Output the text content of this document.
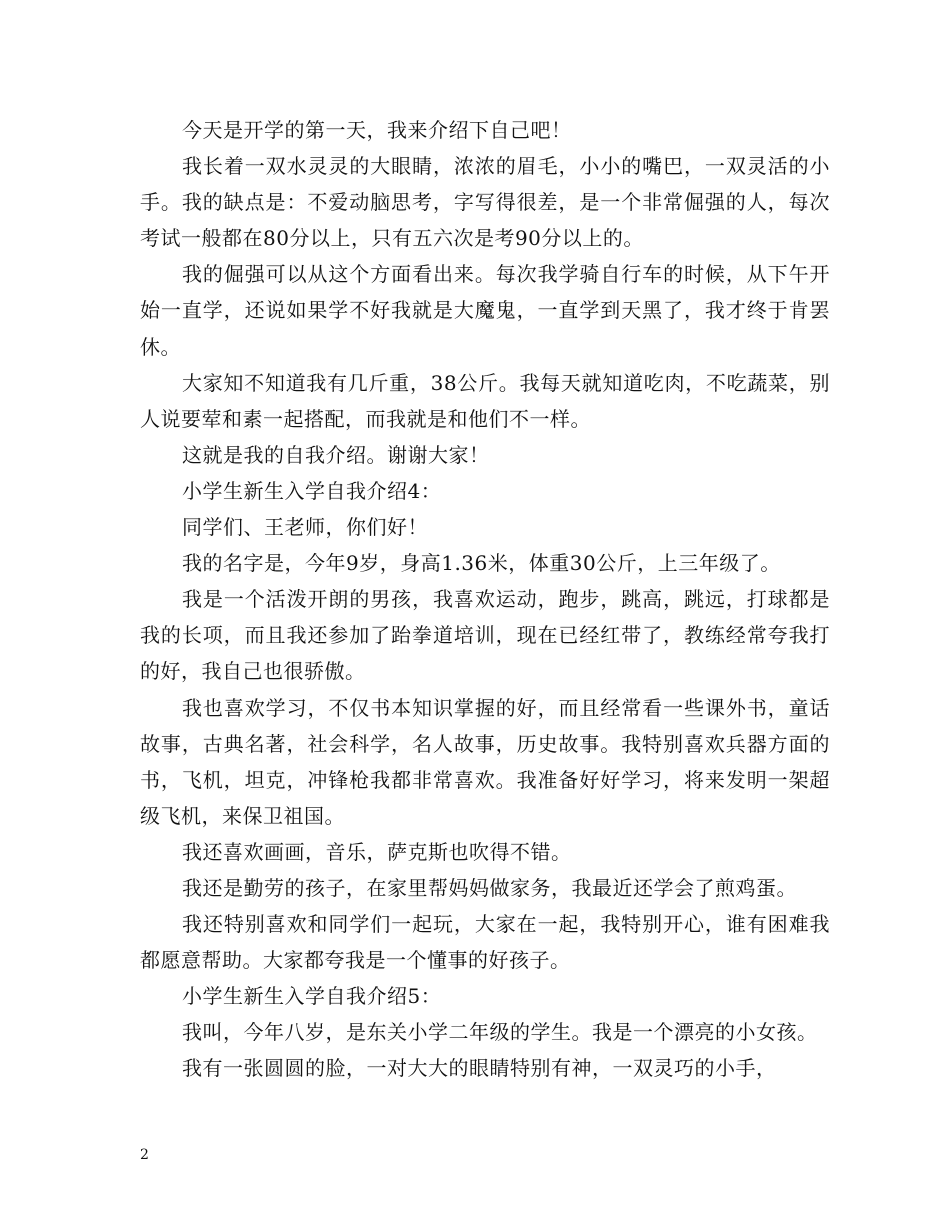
今天是开学的第一天，我来介绍下自己吧！

我长着一双水灵灵的大眼睛，浓浓的眉毛，小小的嘴巴，一双灵活的小手。我的缺点是：不爱动脑思考，字写得很差，是一个非常倔强的人，每次考试一般都在80分以上，只有五六次是考90分以上的。

我的倔强可以从这个方面看出来。每次我学骑自行车的时候，从下午开始一直学，还说如果学不好我就是大魔鬼，一直学到天黑了，我才终于肯罢休。

大家知不知道我有几斤重，38公斤。我每天就知道吃肉，不吃蔬菜，别人说要荤和素一起搭配，而我就是和他们不一样。

这就是我的自我介绍。谢谢大家！

小学生新生入学自我介绍4：

同学们、王老师，你们好！

我的名字是，今年9岁，身高1.36米，体重30公斤，上三年级了。

我是一个活泼开朗的男孩，我喜欢运动，跑步，跳高，跳远，打球都是我的长项，而且我还参加了跆拳道培训，现在已经红带了，教练经常夸我打的好，我自己也很骄傲。

我也喜欢学习，不仅书本知识掌握的好，而且经常看一些课外书，童话故事，古典名著，社会科学，名人故事，历史故事。我特别喜欢兵器方面的书，飞机，坦克，冲锋枪我都非常喜欢。我准备好好学习，将来发明一架超级飞机，来保卫祖国。

我还喜欢画画，音乐，萨克斯也吹得不错。

我还是勤劳的孩子，在家里帮妈妈做家务，我最近还学会了煎鸡蛋。

我还特别喜欢和同学们一起玩，大家在一起，我特别开心，谁有困难我都愿意帮助。大家都夸我是一个懂事的好孩子。

小学生新生入学自我介绍5：

我叫，今年八岁，是东关小学二年级的学生。我是一个漂亮的小女孩。

我有一张圆圆的脸，一对大大的眼睛特别有神，一双灵巧的小手，

2
